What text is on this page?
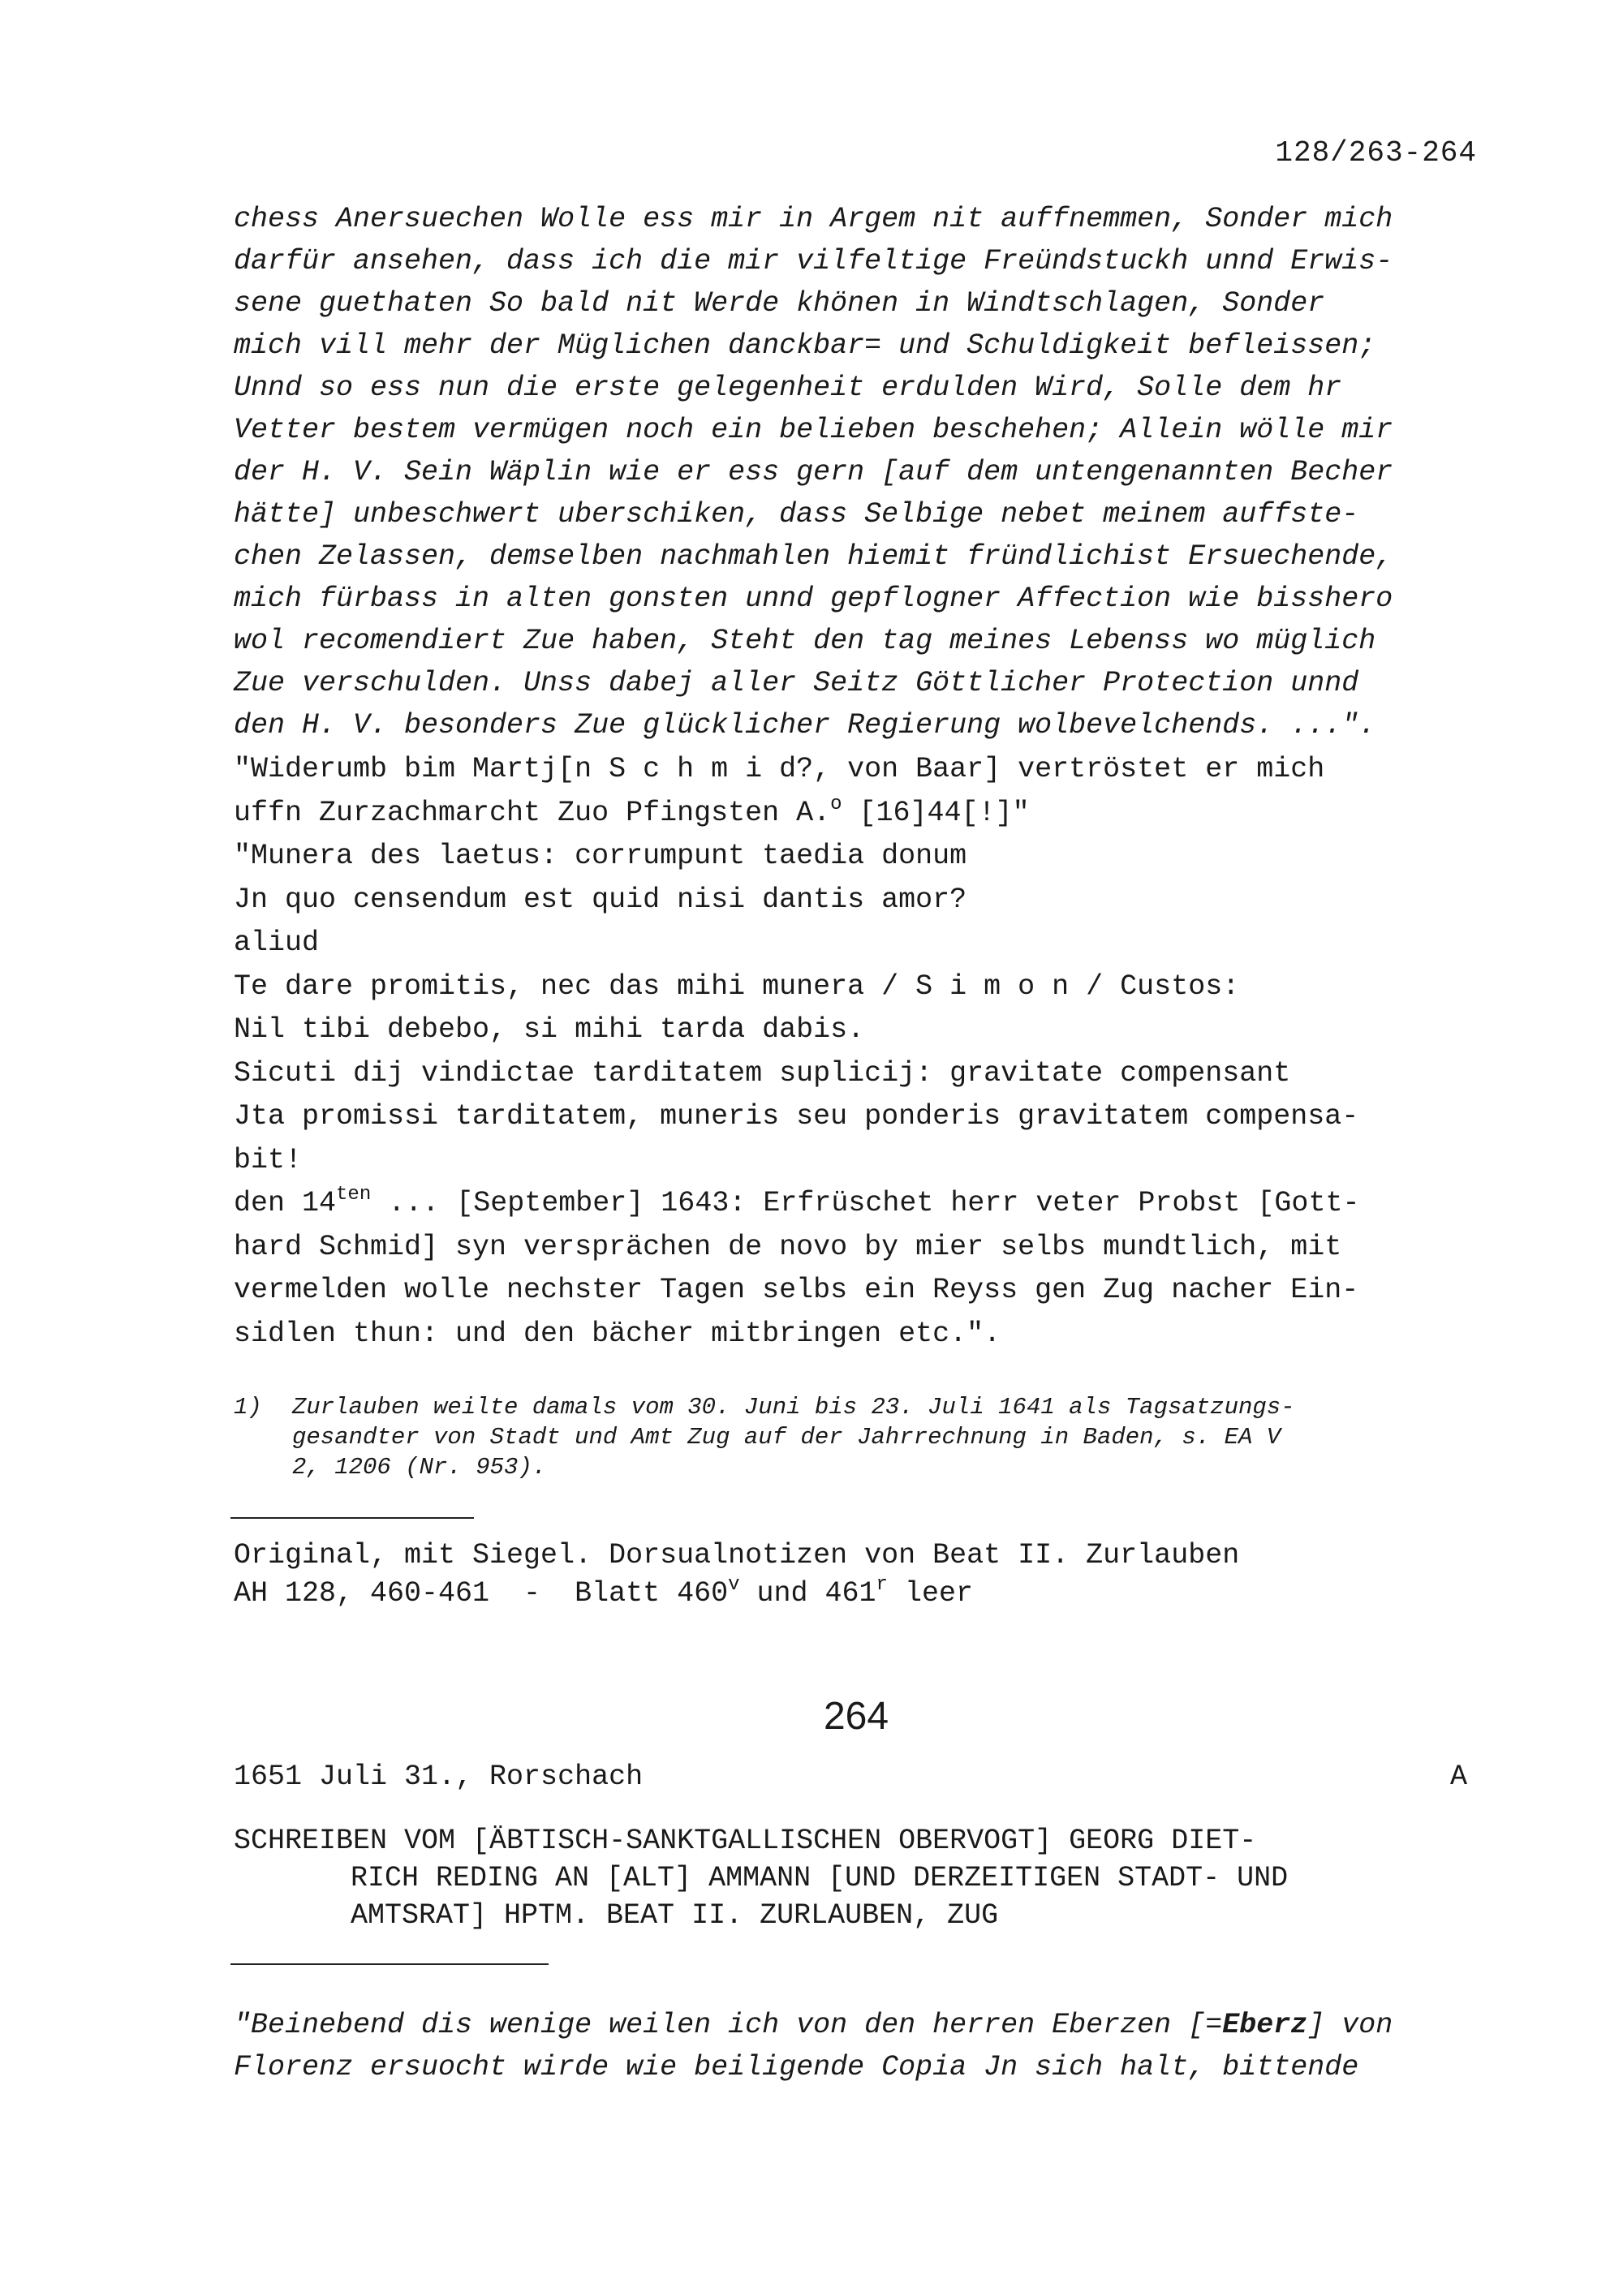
128/263-264

chess Anersuechen Wolle ess mir in Argem nit auffnemmen, Sonder mich

darfür ansehen, dass ich die mir vilfeltige Freündstuckh unnd Erwis-

sene guethaten So bald nit Werde khönen in Windtschlagen, Sonder

mich vill mehr der Müglichen danckbar= und Schuldigkeit befleissen;

Unnd so ess nun die erste gelegenheit erdulden Wird, Solle dem hr

Vetter bestem vermügen noch ein belieben beschehen; Allein wölle mir

der H. V. Sein Wäplin wie er ess gern [auf dem untengenannten Becher

hätte] unbeschwert uberschiken, dass Selbige nebet meinem auffste-

chen Zelassen, demselben nachmahlen hiemit fründlichist Ersuechende,

mich fürbass in alten gonsten unnd gepflogner Affection wie bisshero

wol recomendiert Zue haben, Steht den tag meines Lebenss wo müglich

Zue verschulden. Unss dabej aller Seitz Göttlicher Protection unnd

den H. V. besonders Zue glücklicher Regierung wolbevelchends. ...".

"Widerumb bim Martj[n S c h m i d?, von Baar] vertröstet er mich

uffn Zurzachmarcht Zuo Pfingsten A.$^o$ [16]44[!]"

"Munera des laetus: corrumpunt taedia donum

Jn quo censendum est quid nisi dantis amor?

aliud

Te dare promitis, nec das mihi munera / S i m o n / Custos:

Nil tibi debebo, si mihi tarda dabis.

Sicuti dij vindictae tarditatem suplicij: gravitate compensant

Jta promissi tarditatem, muneris seu ponderis gravitatem compensa-

bit!

den $14^{ten}$ ... [September] 1643: Erfrüschet herr veter Probst [Gott-

hard Schmid] syn versprächen de novo by mier selbs mundtlich, mit

vermelden wolle nechster Tagen selbs ein Reyss gen Zug nacher Ein-

sidlen thun: und den bächer mitbringen etc.".

1)	Zurlauben weilte damals vom 30. Juni bis 23. Juli 1641 als Tagsatzungs-
gesandter von Stadt und Amt Zug auf der Jahrrechnung in Baden, s. EA V
2, 1206 (Nr. 953).

Original, mit Siegel. Dorsualnotizen von Beat II. Zurlauben

AH 128, 460-461  -  Blatt 460$^v$ und 461$^r$ leer

264
1651 Juli 31., Rorschach	A

SCHREIBEN VOM [ÄBTISCH-SANKTGALLISCHEN OBERVOGT] GEORG DIET-

RICH REDING AN [ALT] AMMANN [UND DERZEITIGEN STADT- UND

AMTSRAT] HPTM. BEAT II. ZURLAUBEN, ZUG

"Beinebend dis wenige weilen ich von den herren Eberzen [=Eberz] von

Florenz ersuocht wirde wie beiligende Copia Jn sich halt, bittende
